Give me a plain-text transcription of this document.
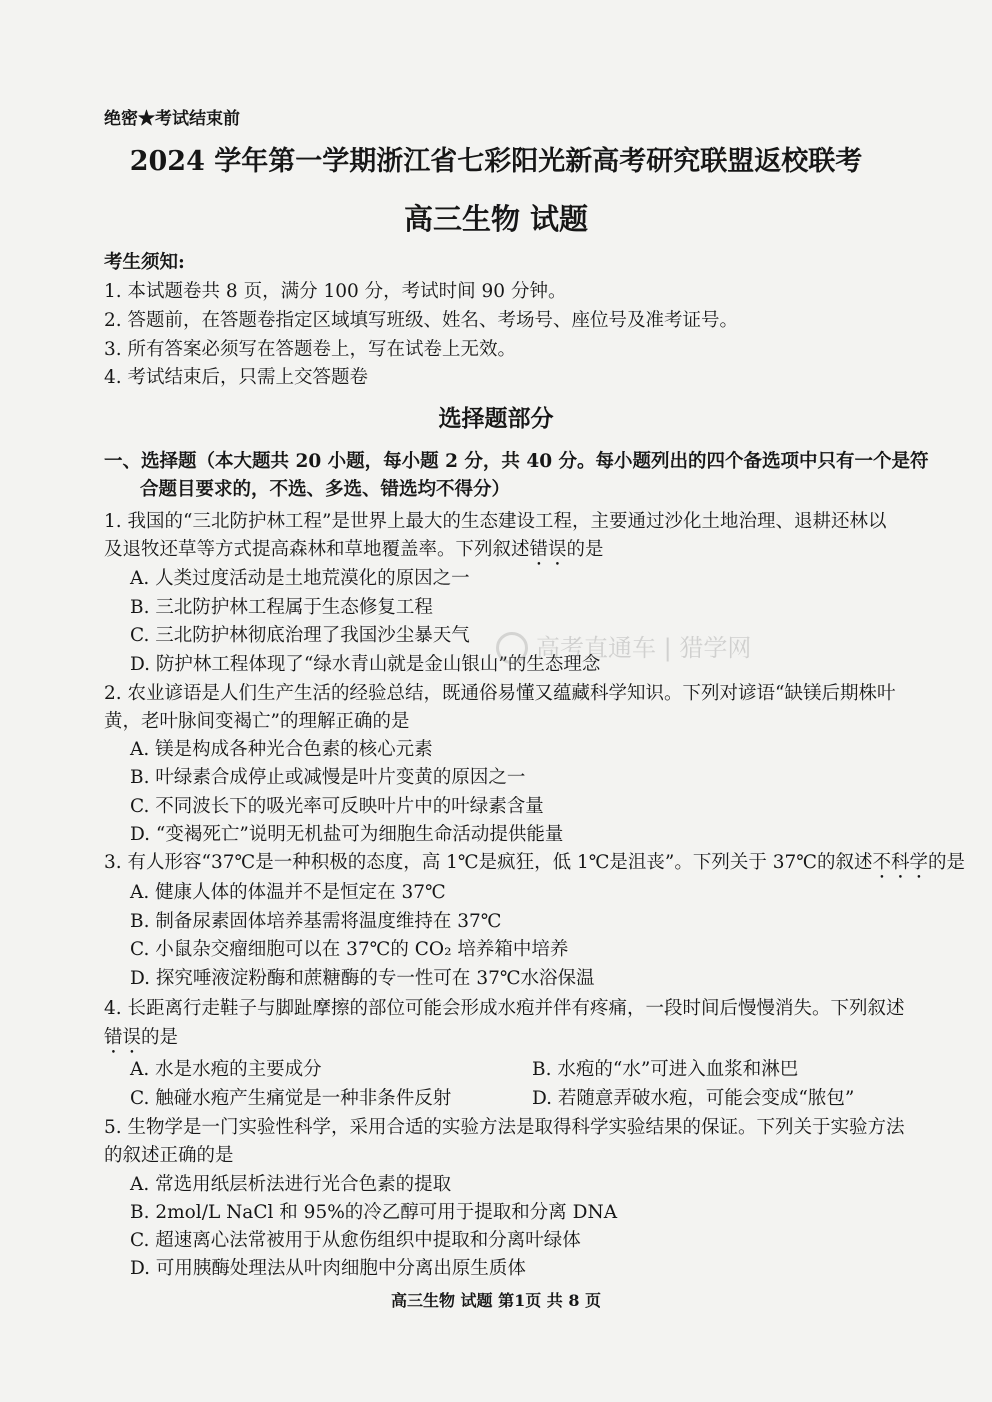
绝密★考试结束前
2024 学年第一学期浙江省七彩阳光新高考研究联盟返校联考
高三生物 试题
考生须知:
1. 本试题卷共 8 页，满分 100 分，考试时间 90 分钟。
2. 答题前，在答题卷指定区域填写班级、姓名、考场号、座位号及准考证号。
3. 所有答案必须写在答题卷上，写在试卷上无效。
4. 考试结束后，只需上交答题卷
选择题部分
一、选择题（本大题共 20 小题，每小题 2 分，共 40 分。每小题列出的四个备选项中只有一个是符
合题目要求的，不选、多选、错选均不得分）
1. 我国的“三北防护林工程”是世界上最大的生态建设工程，主要通过沙化土地治理、退耕还林以
及退牧还草等方式提高森林和草地覆盖率。下列叙述错误的是
A. 人类过度活动是土地荒漠化的原因之一
B. 三北防护林工程属于生态修复工程
C. 三北防护林彻底治理了我国沙尘暴天气
D. 防护林工程体现了“绿水青山就是金山银山”的生态理念
2. 农业谚语是人们生产生活的经验总结，既通俗易懂又蕴藏科学知识。下列对谚语“缺镁后期株叶
黄，老叶脉间变褐亡”的理解正确的是
A. 镁是构成各种光合色素的核心元素
B. 叶绿素合成停止或减慢是叶片变黄的原因之一
C. 不同波长下的吸光率可反映叶片中的叶绿素含量
D. “变褐死亡”说明无机盐可为细胞生命活动提供能量
3. 有人形容“37℃是一种积极的态度，高 1℃是疯狂，低 1℃是沮丧”。下列关于 37℃的叙述不科学的是
A. 健康人体的体温并不是恒定在 37℃
B. 制备尿素固体培养基需将温度维持在 37℃
C. 小鼠杂交瘤细胞可以在 37℃的 CO₂ 培养箱中培养
D. 探究唾液淀粉酶和蔗糖酶的专一性可在 37℃水浴保温
4. 长距离行走鞋子与脚趾摩擦的部位可能会形成水疱并伴有疼痛，一段时间后慢慢消失。下列叙述
错误的是
A. 水是水疱的主要成分	B. 水疱的“水”可进入血浆和淋巴
C. 触碰水疱产生痛觉是一种非条件反射	D. 若随意弄破水疱，可能会变成“脓包”
5. 生物学是一门实验性科学，采用合适的实验方法是取得科学实验结果的保证。下列关于实验方法
的叙述正确的是
A. 常选用纸层析法进行光合色素的提取
B. 2mol/L NaCl 和 95%的冷乙醇可用于提取和分离 DNA
C. 超速离心法常被用于从愈伤组织中提取和分离叶绿体
D. 可用胰酶处理法从叶肉细胞中分离出原生质体
高考直通车 | 猎学网
高三生物 试题 第1页 共 8 页
